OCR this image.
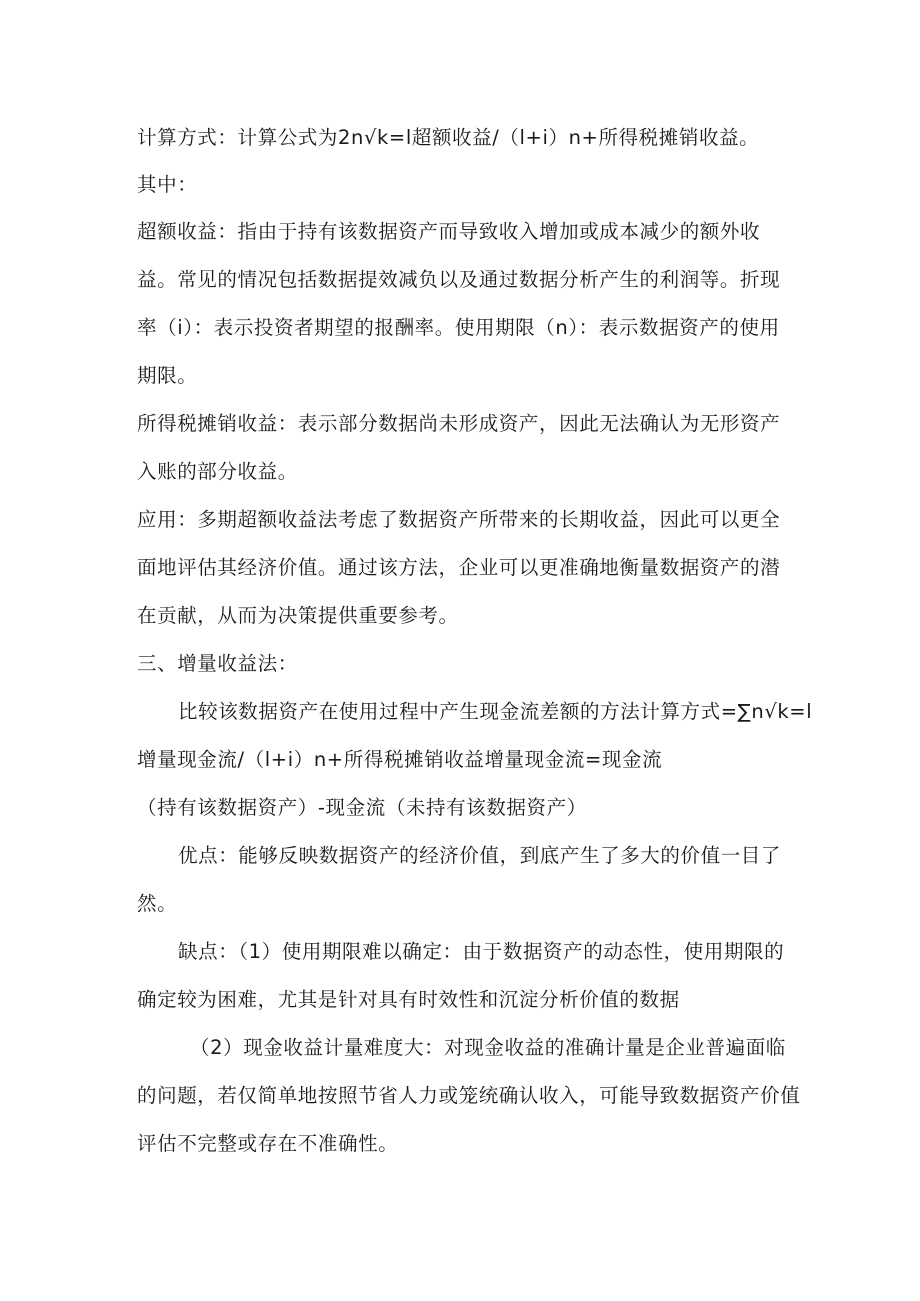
计算方式：计算公式为2n√k=l超额收益/（l+i）n+所得税摊销收益。
其中：
超额收益：指由于持有该数据资产而导致收入增加或成本减少的额外收
益。常见的情况包括数据提效减负以及通过数据分析产生的利润等。折现
率（i）：表示投资者期望的报酬率。使用期限（n）：表示数据资产的使用
期限。
所得税摊销收益：表示部分数据尚未形成资产，因此无法确认为无形资产
入账的部分收益。
应用：多期超额收益法考虑了数据资产所带来的长期收益，因此可以更全
面地评估其经济价值。通过该方法，企业可以更准确地衡量数据资产的潜
在贡献，从而为决策提供重要参考。
三、增量收益法：
比较该数据资产在使用过程中产生现金流差额的方法计算方式=∑n√k=l
增量现金流/（l+i）n+所得税摊销收益增量现金流=现金流
（持有该数据资产）-现金流（未持有该数据资产）
优点：能够反映数据资产的经济价值，到底产生了多大的价值一目了
然。
缺点：（1）使用期限难以确定：由于数据资产的动态性，使用期限的
确定较为困难，尤其是针对具有时效性和沉淀分析价值的数据
（2）现金收益计量难度大：对现金收益的准确计量是企业普遍面临
的问题，若仅简单地按照节省人力或笼统确认收入，可能导致数据资产价值
评估不完整或存在不准确性。
